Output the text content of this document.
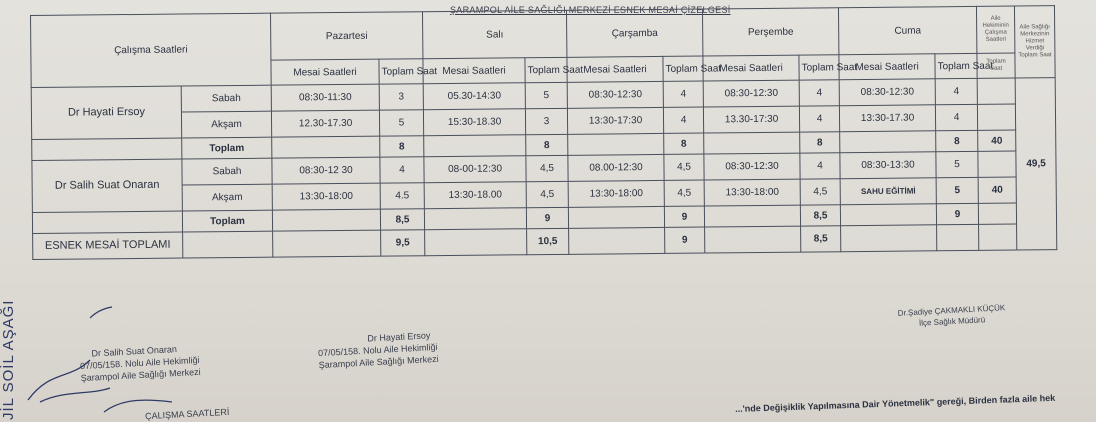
ŞARAMPOL AİLE SAĞLIĞI MERKEZİ ESNEK MESAİ ÇİZELGESİ
Çalışma Saatleri		Pazartesi		Salı		Çarşamba		Perşembe		Cuma		Aile Hekiminin Çalışma Saatleri	Aile Sağlığı Merkezinin Hizmet Verdiği Toplam Saat
		Mesai Saatleri	Toplam Saat	Mesai Saatleri	Toplam Saat	Mesai Saatleri	Toplam Saat	Mesai Saatleri	Toplam Saat	Mesai Saatleri	Toplam Saat	Toplam Saat	
Dr Hayati Ersoy	Sabah	08:30-11:30	3	05.30-14:30	5	08:30-12:30	4	08:30-12:30	4	08:30-12:30	4		49,5
	Akşam	12.30-17.30	5	15:30-18.30	3	13:30-17:30	4	13.30-17:30	4	13:30-17.30	4		
	Toplam		8		8		8		8		8	40	
Dr Salih Suat Onaran	Sabah	08:30-12 30	4	08-00-12:30	4,5	08.00-12:30	4,5	08:30-12:30	4	08:30-13:30	5		
	Akşam	13:30-18:00	4.5	13:30-18.00	4,5	13:30-18:00	4,5	13:30-18:00	4,5	SAHU EĞİTİMİ	5	40	
	Toplam		8,5		9		9		8,5		9		
ESNEK MESAİ TOPLAMI			9,5		10,5		9		8,5				
Dr Salih Suat Onaran
07/05/158. Nolu Aile Hekimliği
Şarampol Aile Sağlığı Merkezi
Dr Hayati Ersoy
07/05/158. Nolu Aile Hekimliği
Şarampol Aile Sağlığı Merkezi
Dr.Şadiye ÇAKMAKLI KÜÇÜK
İlçe Sağlık Müdürü
ÇALIŞMA SAATLERİ
...'nde Değişiklik Yapılmasına Dair Yönetmelik" gereği, Birden fazla aile hek
JİL SOİL AŞAĞI
